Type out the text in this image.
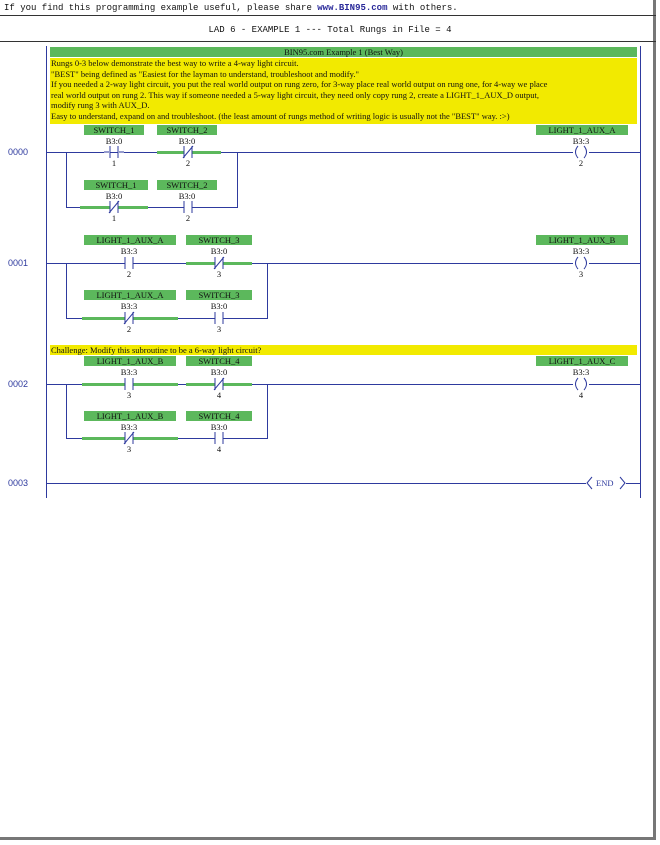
If you find this programming example useful, please share www.BIN95.com with others.
LAD 6 - EXAMPLE 1 --- Total Rungs in File = 4
BIN95.com Example 1 (Best Way)
Rungs 0-3 below demonstrate the best way to write a 4-way light circuit.
"BEST" being defined as "Easiest for the layman to understand, troubleshoot and modify."
If you needed a 2-way light circuit, you put the real world output on rung zero, for 3-way place real world output on rung one, for 4-way we place
real world output on rung 2. This way if someone needed a 5-way light circuit, they need only copy rung 2, create a LIGHT_1_AUX_D output,
modify rung 3 with AUX_D.
Easy to understand, expand on and troubleshoot. (the least amount of rungs method of writing logic is usually not the "BEST" way. :>)
0000
SWITCH_1
B3:0
1
SWITCH_2
B3:0
2
SWITCH_1
B3:0
1
SWITCH_2
B3:0
2
LIGHT_1_AUX_A
B3:3
2
0001
LIGHT_1_AUX_A
B3:3
2
SWITCH_3
B3:0
3
LIGHT_1_AUX_A
B3:3
2
SWITCH_3
B3:0
3
LIGHT_1_AUX_B
B3:3
3
Challenge: Modify this subroutine to be a 6-way light circuit?
0002
LIGHT_1_AUX_B
B3:3
3
SWITCH_4
B3:0
4
LIGHT_1_AUX_B
B3:3
3
SWITCH_4
B3:0
4
LIGHT_1_AUX_C
B3:3
4
0003	END
